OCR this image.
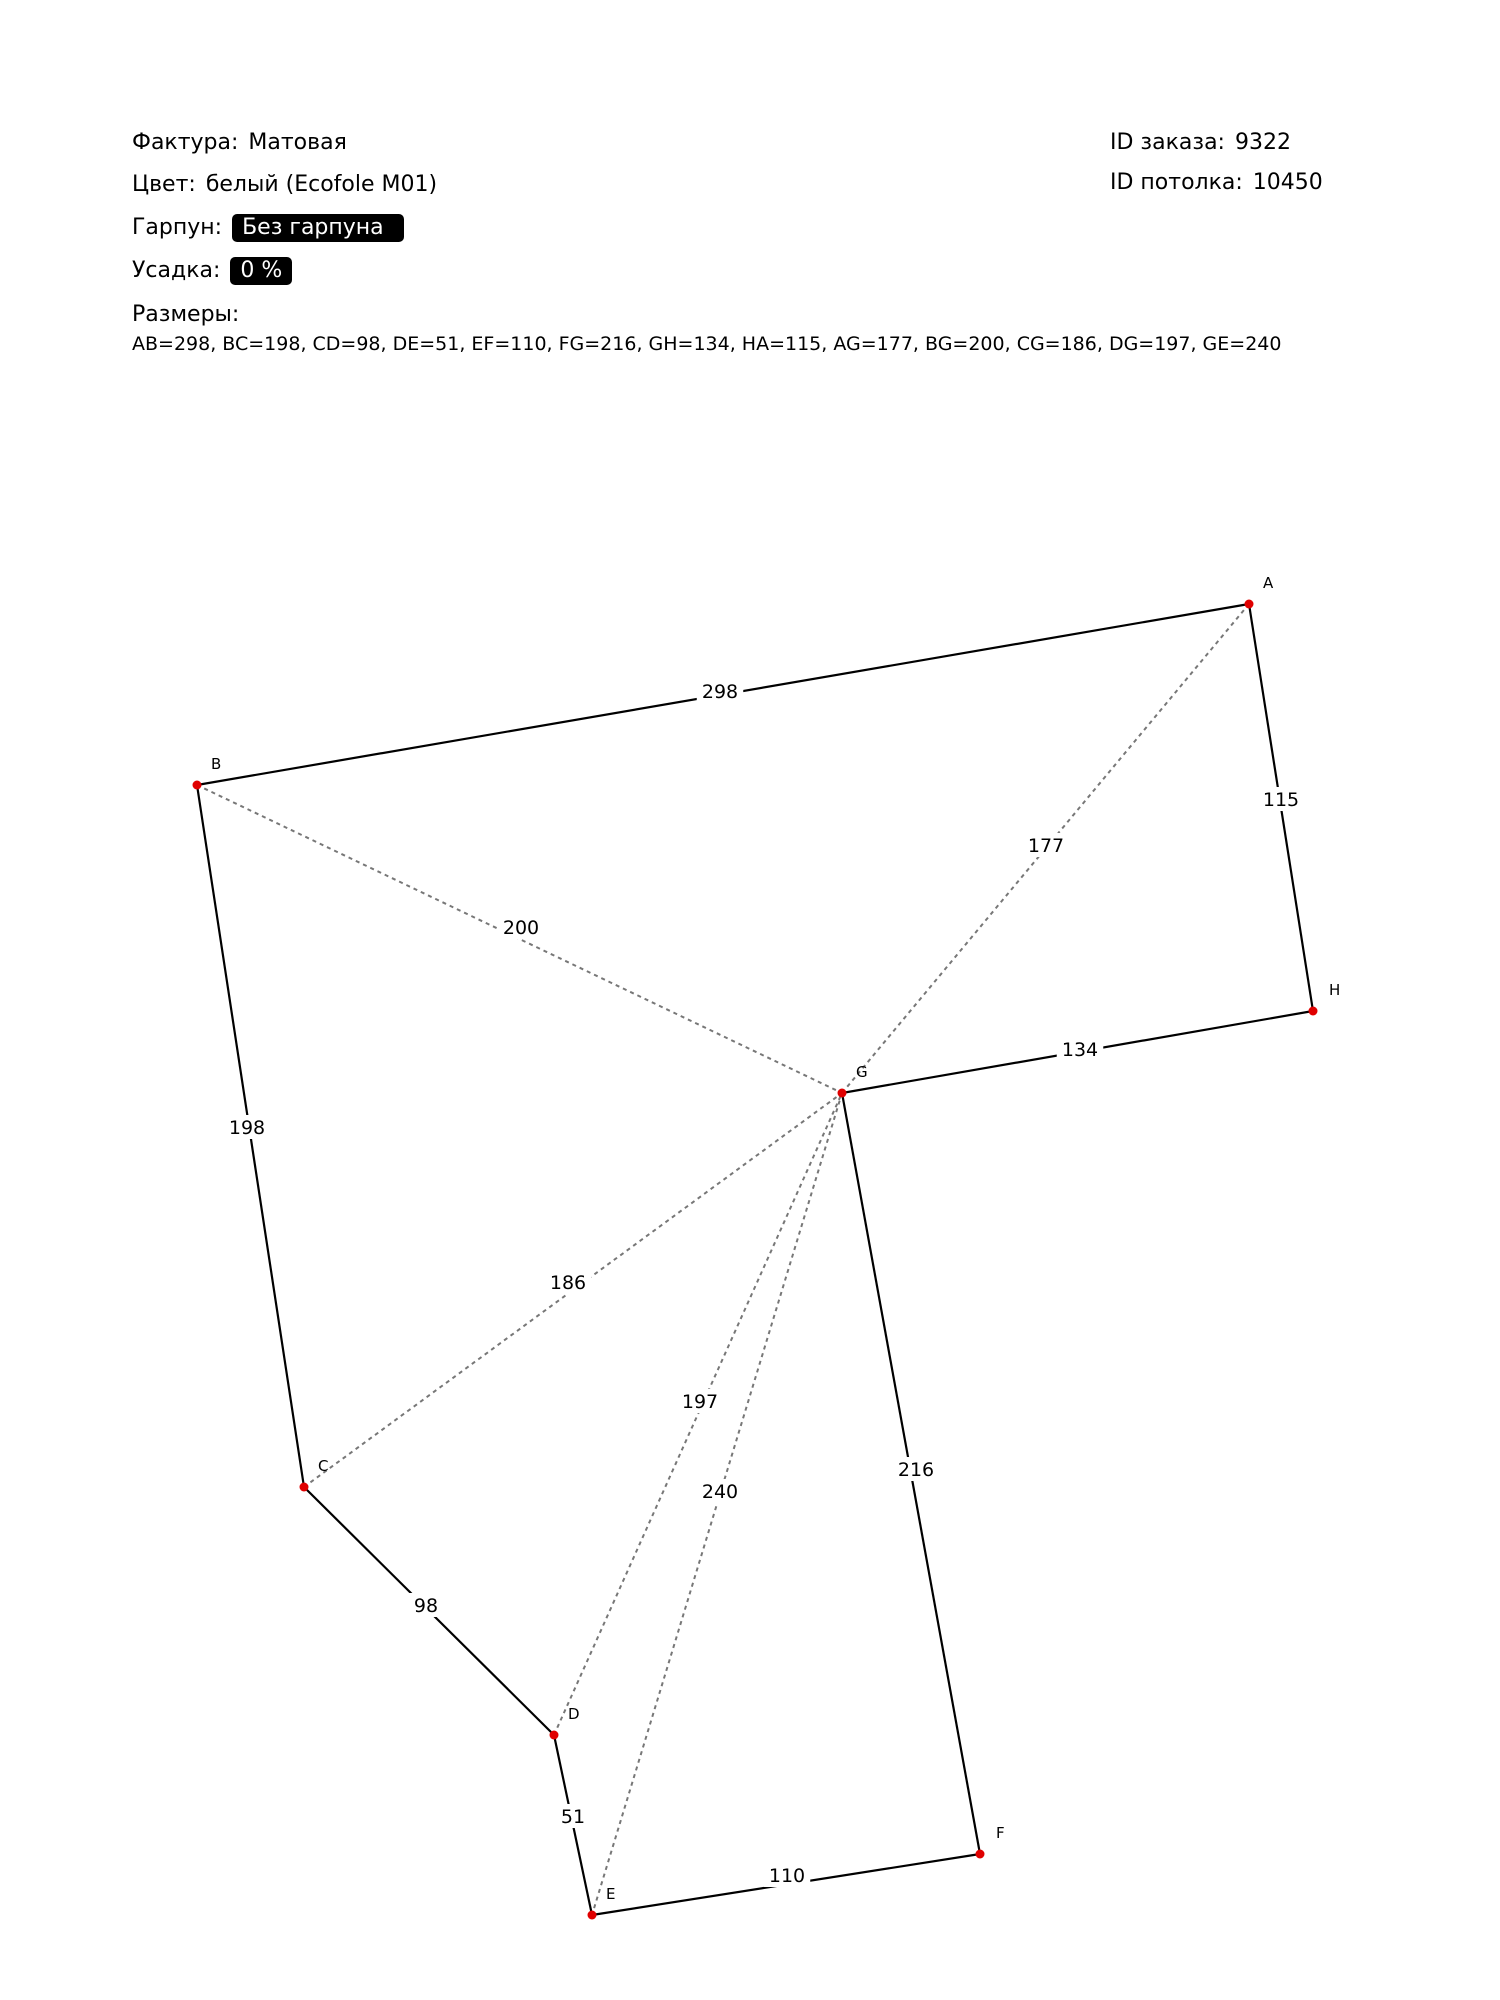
Фактура: Матовая
Цвет: белый (Ecofole M01)
Гарпун: Без гарпуна
Усадка: 0 %
Размеры:
AB=298, BC=198, CD=98, DE=51, EF=110, FG=216, GH=134, HA=115, AG=177, BG=200, CG=186, DG=197, GE=240
ID заказа: 9322
ID потолка: 10450
177
200
186
197
240
298
198
98
51
110
216
134
115
A
B
C
D
E
F
G
H
